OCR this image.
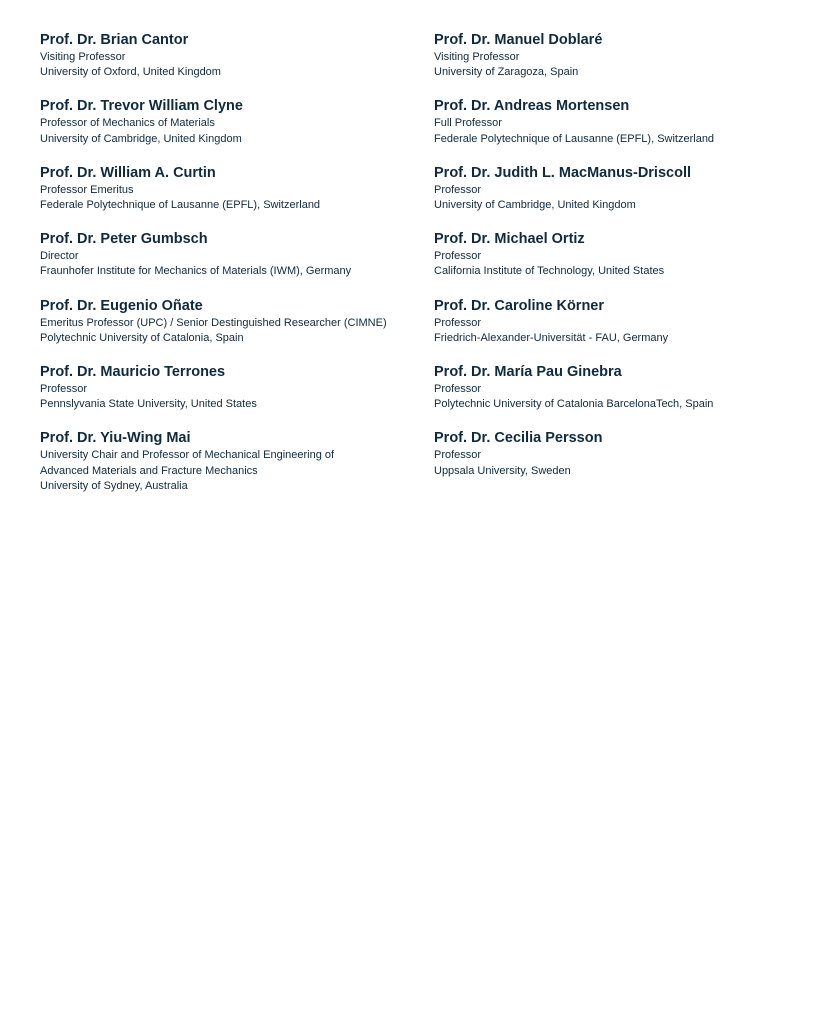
Prof. Dr. Brian Cantor
Visiting Professor
University of Oxford, United Kingdom
Prof. Dr. Trevor William Clyne
Professor of Mechanics of Materials
University of Cambridge, United Kingdom
Prof. Dr. William A. Curtin
Professor Emeritus
Federale Polytechnique of Lausanne (EPFL), Switzerland
Prof. Dr. Peter Gumbsch
Director
Fraunhofer Institute for Mechanics of Materials (IWM), Germany
Prof. Dr. Eugenio Oñate
Emeritus Professor (UPC) / Senior Destinguished Researcher (CIMNE)
Polytechnic University of Catalonia, Spain
Prof. Dr. Mauricio Terrones
Professor
Pennslyvania State University, United States
Prof. Dr. Yiu-Wing Mai
University Chair and Professor of Mechanical Engineering of
Advanced Materials and Fracture Mechanics
University of Sydney, Australia
Prof. Dr. Manuel Doblaré
Visiting Professor
University of Zaragoza, Spain
Prof. Dr. Andreas Mortensen
Full Professor
Federale Polytechnique of Lausanne (EPFL), Switzerland
Prof. Dr. Judith L. MacManus-Driscoll
Professor
University of Cambridge, United Kingdom
Prof. Dr. Michael Ortiz
Professor
California Institute of Technology, United States
Prof. Dr. Caroline Körner
Professor
Friedrich-Alexander-Universität - FAU, Germany
Prof. Dr. María Pau Ginebra
Professor
Polytechnic University of Catalonia BarcelonaTech, Spain
Prof. Dr. Cecilia Persson
Professor
Uppsala University, Sweden
